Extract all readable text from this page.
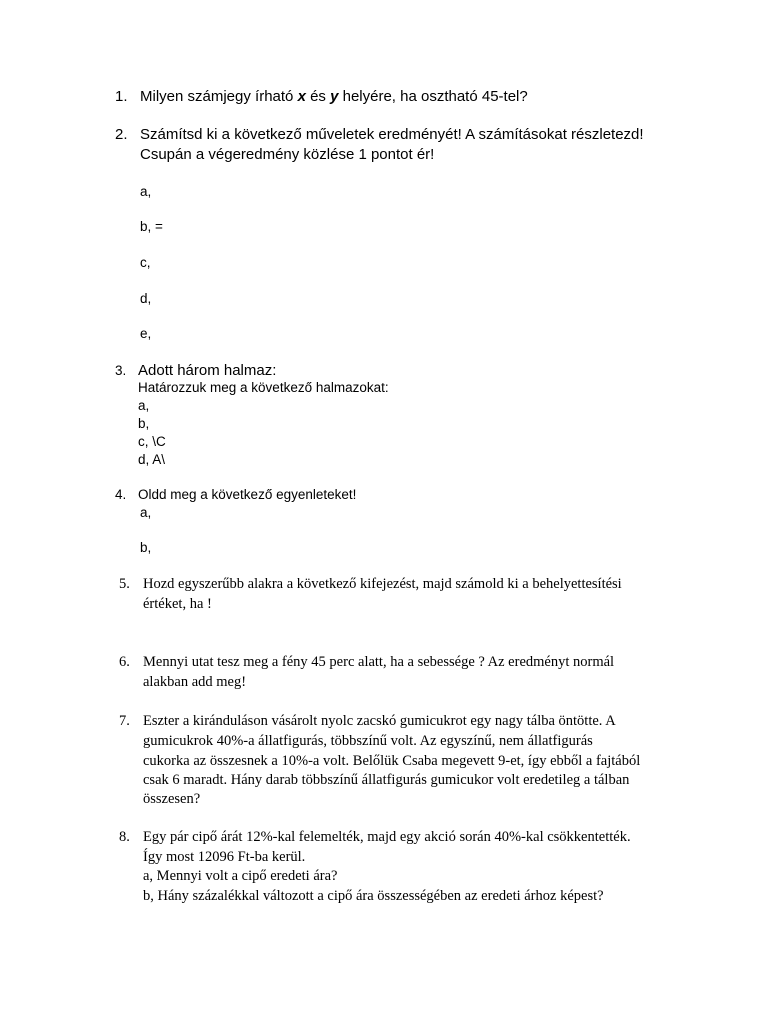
1. Milyen számjegy írható x és y helyére, ha osztható 45-tel?
2. Számítsd ki a következő műveletek eredményét! A számításokat részletezd!
Csupán a végeredmény közlése 1 pontot ér!
a,
b, =
c,
d,
e,
3. Adott három halmaz:
Határozzuk meg a következő halmazokat:
a,
b,
c, \C
d, A\
4. Oldd meg a következő egyenleteket!
a,
b,
5. Hozd egyszerűbb alakra a következő kifejezést, majd számold ki a behelyettesítési
értéket, ha !
6. Mennyi utat tesz meg a fény 45 perc alatt, ha a sebessége ? Az eredményt normál
alakban add meg!
7. Eszter a kiránduláson vásárolt nyolc zacskó gumicukrot egy nagy tálba öntötte. A
gumicukrok 40%-a állatfigurás, többszínű volt. Az egyszínű, nem állatfigurás
cukorka az összesnek a 10%-a volt. Belőlük Csaba megevett 9-et, így ebből a fajtából
csak 6 maradt. Hány darab többszínű állatfigurás gumicukor volt eredetileg a tálban
összesen?
8. Egy pár cipő árát 12%-kal felemelték, majd egy akció során 40%-kal csökkentették.
Így most 12096 Ft-ba kerül.
a, Mennyi volt a cipő eredeti ára?
b, Hány százalékkal változott a cipő ára összességében az eredeti árhoz képest?
